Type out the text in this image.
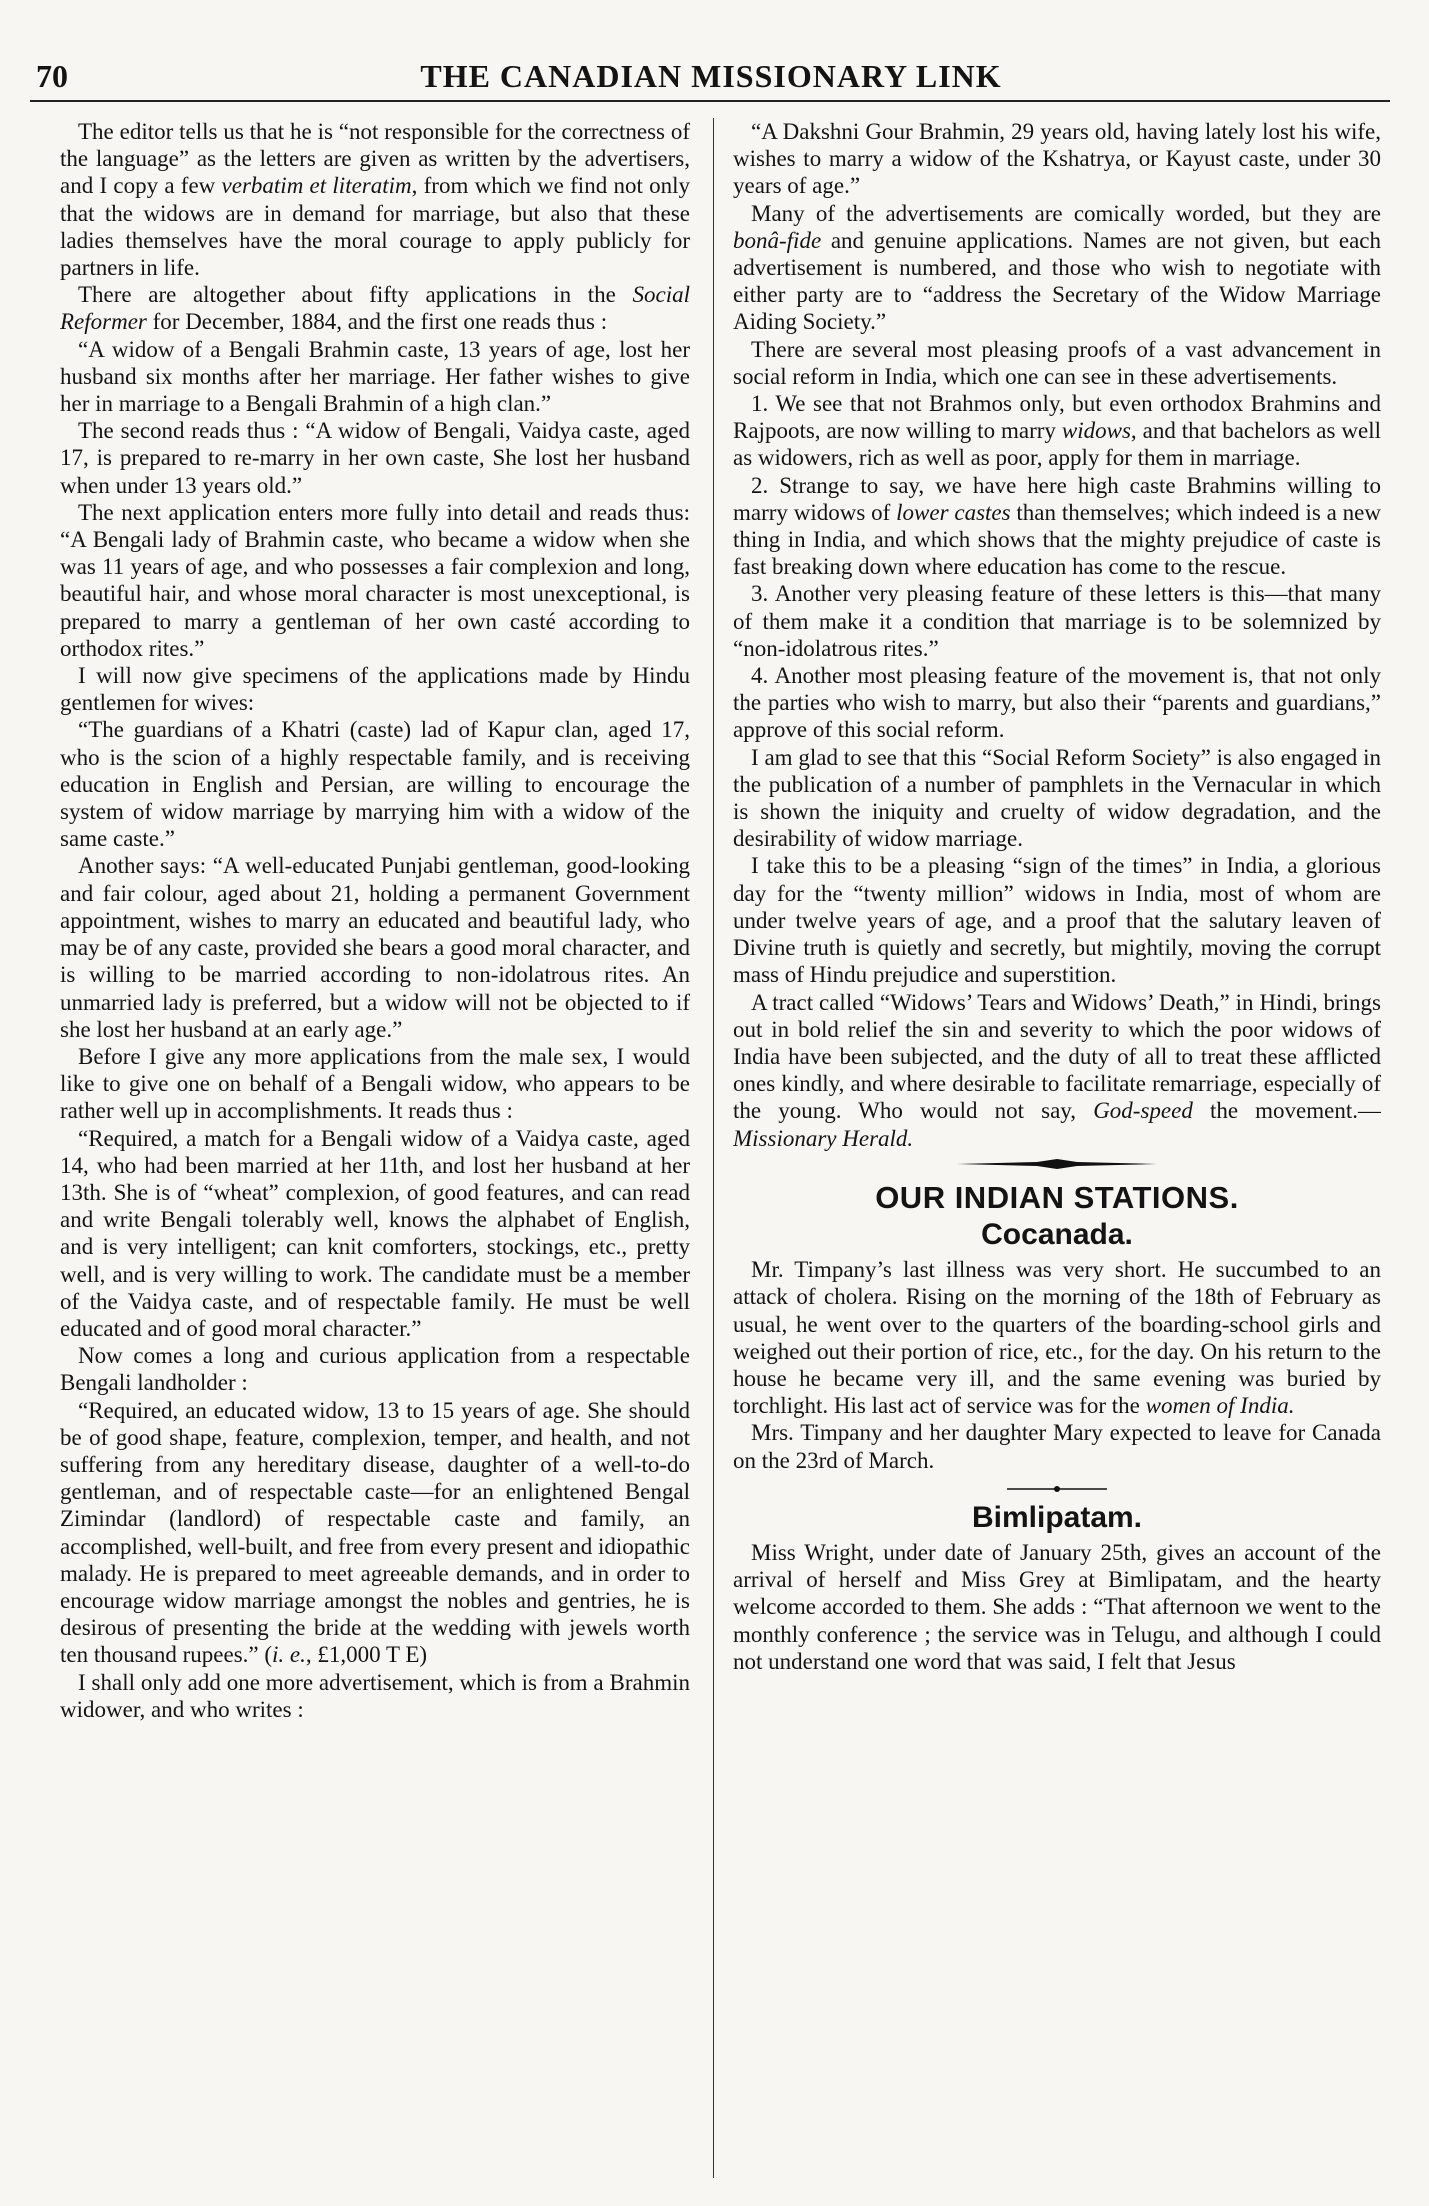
70	THE CANADIAN MISSIONARY LINK

The editor tells us that he is “not responsible for the correctness of the language” as the letters are given as written by the advertisers, and I copy a few verbatim et literatim, from which we find not only that the widows are in demand for marriage, but also that these ladies themselves have the moral courage to apply publicly for partners in life.

There are altogether about fifty applications in the Social Reformer for December, 1884, and the first one reads thus :

“A widow of a Bengali Brahmin caste, 13 years of age, lost her husband six months after her marriage. Her father wishes to give her in marriage to a Bengali Brahmin of a high clan.”

The second reads thus : “A widow of Bengali, Vaidya caste, aged 17, is prepared to re-marry in her own caste, She lost her husband when under 13 years old.”

The next application enters more fully into detail and reads thus: “A Bengali lady of Brahmin caste, who became a widow when she was 11 years of age, and who possesses a fair complexion and long, beautiful hair, and whose moral character is most unexceptional, is prepared to marry a gentleman of her own casté according to orthodox rites.”

I will now give specimens of the applications made by Hindu gentlemen for wives:

“The guardians of a Khatri (caste) lad of Kapur clan, aged 17, who is the scion of a highly respectable family, and is receiving education in English and Persian, are willing to encourage the system of widow marriage by marrying him with a widow of the same caste.”

Another says: “A well-educated Punjabi gentleman, good-looking and fair colour, aged about 21, holding a permanent Government appointment, wishes to marry an educated and beautiful lady, who may be of any caste, provided she bears a good moral character, and is willing to be married according to non-idolatrous rites. An unmarried lady is preferred, but a widow will not be objected to if she lost her husband at an early age.”

Before I give any more applications from the male sex, I would like to give one on behalf of a Bengali widow, who appears to be rather well up in accomplishments. It reads thus :

“Required, a match for a Bengali widow of a Vaidya caste, aged 14, who had been married at her 11th, and lost her husband at her 13th. She is of “wheat” complexion, of good features, and can read and write Bengali tolerably well, knows the alphabet of English, and is very intelligent; can knit comforters, stockings, etc., pretty well, and is very willing to work. The candidate must be a member of the Vaidya caste, and of respectable family. He must be well educated and of good moral character.”

Now comes a long and curious application from a respectable Bengali landholder :

“Required, an educated widow, 13 to 15 years of age. She should be of good shape, feature, complexion, temper, and health, and not suffering from any hereditary disease, daughter of a well-to-do gentleman, and of respectable caste—for an enlightened Bengal Zimindar (landlord) of respectable caste and family, an accomplished, well-built, and free from every present and idiopathic malady. He is prepared to meet agreeable demands, and in order to encourage widow marriage amongst the nobles and gentries, he is desirous of presenting the bride at the wedding with jewels worth ten thousand rupees.” (i. e., £1,000 T E)

I shall only add one more advertisement, which is from a Brahmin widower, and who writes :

“A Dakshni Gour Brahmin, 29 years old, having lately lost his wife, wishes to marry a widow of the Kshatrya, or Kayust caste, under 30 years of age.”

Many of the advertisements are comically worded, but they are bonâ-fide and genuine applications. Names are not given, but each advertisement is numbered, and those who wish to negotiate with either party are to “address the Secretary of the Widow Marriage Aiding Society.”

There are several most pleasing proofs of a vast advancement in social reform in India, which one can see in these advertisements.

1. We see that not Brahmos only, but even orthodox Brahmins and Rajpoots, are now willing to marry widows, and that bachelors as well as widowers, rich as well as poor, apply for them in marriage.

2. Strange to say, we have here high caste Brahmins willing to marry widows of lower castes than themselves; which indeed is a new thing in India, and which shows that the mighty prejudice of caste is fast breaking down where education has come to the rescue.

3. Another very pleasing feature of these letters is this—that many of them make it a condition that marriage is to be solemnized by “non-idolatrous rites.”

4. Another most pleasing feature of the movement is, that not only the parties who wish to marry, but also their “parents and guardians,” approve of this social reform.

I am glad to see that this “Social Reform Society” is also engaged in the publication of a number of pamphlets in the Vernacular in which is shown the iniquity and cruelty of widow degradation, and the desirability of widow marriage.

I take this to be a pleasing “sign of the times” in India, a glorious day for the “twenty million” widows in India, most of whom are under twelve years of age, and a proof that the salutary leaven of Divine truth is quietly and secretly, but mightily, moving the corrupt mass of Hindu prejudice and superstition.

A tract called “Widows’ Tears and Widows’ Death,” in Hindi, brings out in bold relief the sin and severity to which the poor widows of India have been subjected, and the duty of all to treat these afflicted ones kindly, and where desirable to facilitate remarriage, especially of the young. Who would not say, God-speed the movement.—Missionary Herald.

OUR INDIAN STATIONS.
Cocanada.

Mr. Timpany’s last illness was very short. He succumbed to an attack of cholera. Rising on the morning of the 18th of February as usual, he went over to the quarters of the boarding-school girls and weighed out their portion of rice, etc., for the day. On his return to the house he became very ill, and the same evening was buried by torchlight. His last act of service was for the women of India.

Mrs. Timpany and her daughter Mary expected to leave for Canada on the 23rd of March.

Bimlipatam.

Miss Wright, under date of January 25th, gives an account of the arrival of herself and Miss Grey at Bimlipatam, and the hearty welcome accorded to them. She adds : “That afternoon we went to the monthly conference ; the service was in Telugu, and although I could not understand one word that was said, I felt that Jesus
